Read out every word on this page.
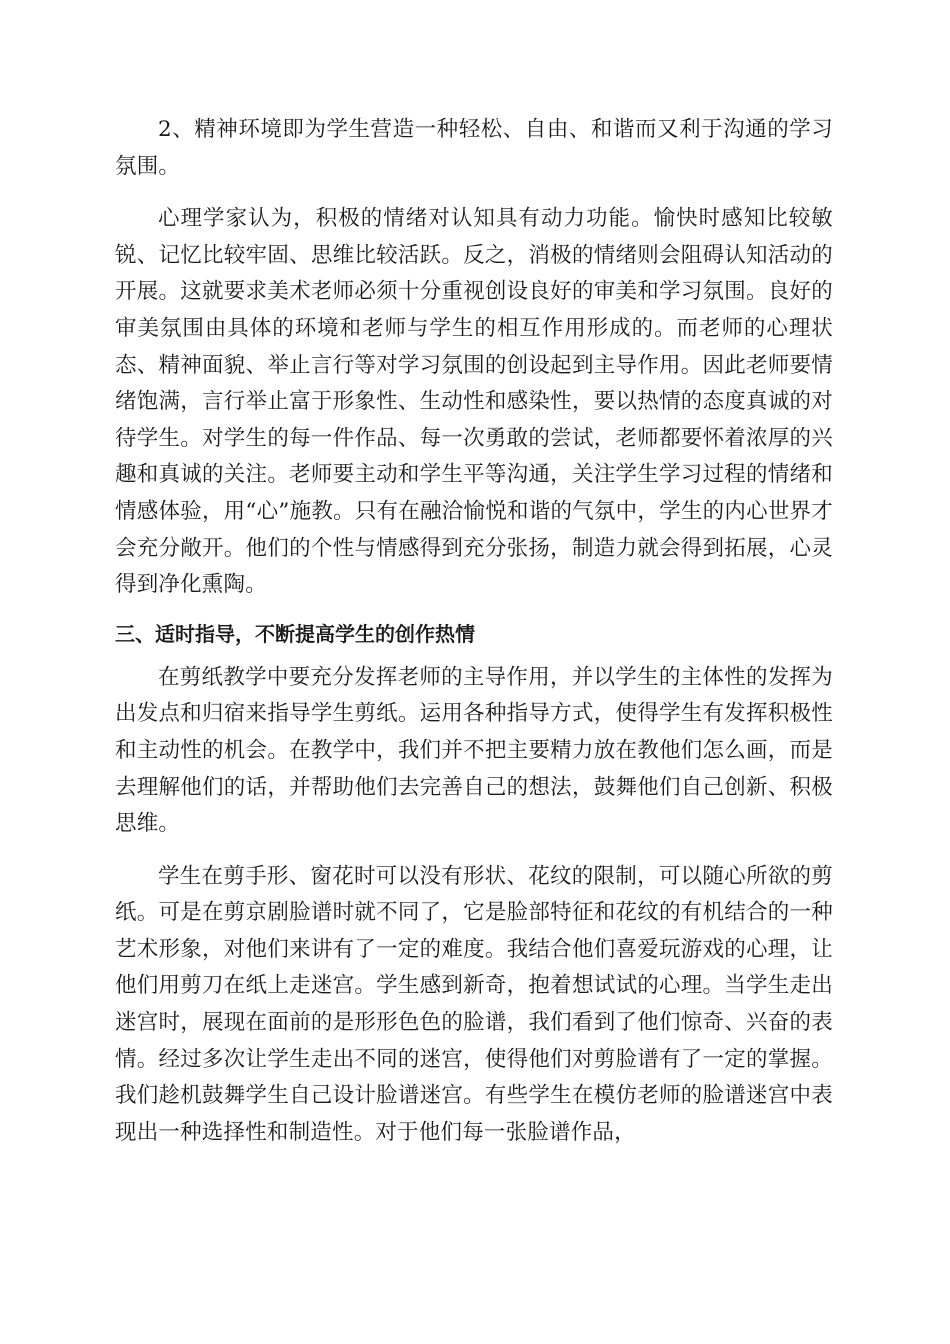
2、精神环境即为学生营造一种轻松、自由、和谐而又利于沟通的学习氛围。

心理学家认为，积极的情绪对认知具有动力功能。愉快时感知比较敏锐、记忆比较牢固、思维比较活跃。反之，消极的情绪则会阻碍认知活动的开展。这就要求美术老师必须十分重视创设良好的审美和学习氛围。良好的审美氛围由具体的环境和老师与学生的相互作用形成的。而老师的心理状态、精神面貌、举止言行等对学习氛围的创设起到主导作用。因此老师要情绪饱满，言行举止富于形象性、生动性和感染性，要以热情的态度真诚的对待学生。对学生的每一件作品、每一次勇敢的尝试，老师都要怀着浓厚的兴趣和真诚的关注。老师要主动和学生平等沟通，关注学生学习过程的情绪和情感体验，用“心”施教。只有在融洽愉悦和谐的气氛中，学生的内心世界才会充分敞开。他们的个性与情感得到充分张扬，制造力就会得到拓展，心灵得到净化熏陶。

三、适时指导，不断提高学生的创作热情

在剪纸教学中要充分发挥老师的主导作用，并以学生的主体性的发挥为出发点和归宿来指导学生剪纸。运用各种指导方式，使得学生有发挥积极性和主动性的机会。在教学中，我们并不把主要精力放在教他们怎么画，而是去理解他们的话，并帮助他们去完善自己的想法，鼓舞他们自己创新、积极思维。

学生在剪手形、窗花时可以没有形状、花纹的限制，可以随心所欲的剪纸。可是在剪京剧脸谱时就不同了，它是脸部特征和花纹的有机结合的一种艺术形象，对他们来讲有了一定的难度。我结合他们喜爱玩游戏的心理，让他们用剪刀在纸上走迷宫。学生感到新奇，抱着想试试的心理。当学生走出迷宫时，展现在面前的是形形色色的脸谱，我们看到了他们惊奇、兴奋的表情。经过多次让学生走出不同的迷宫，使得他们对剪脸谱有了一定的掌握。我们趁机鼓舞学生自己设计脸谱迷宫。有些学生在模仿老师的脸谱迷宫中表现出一种选择性和制造性。对于他们每一张脸谱作品，
